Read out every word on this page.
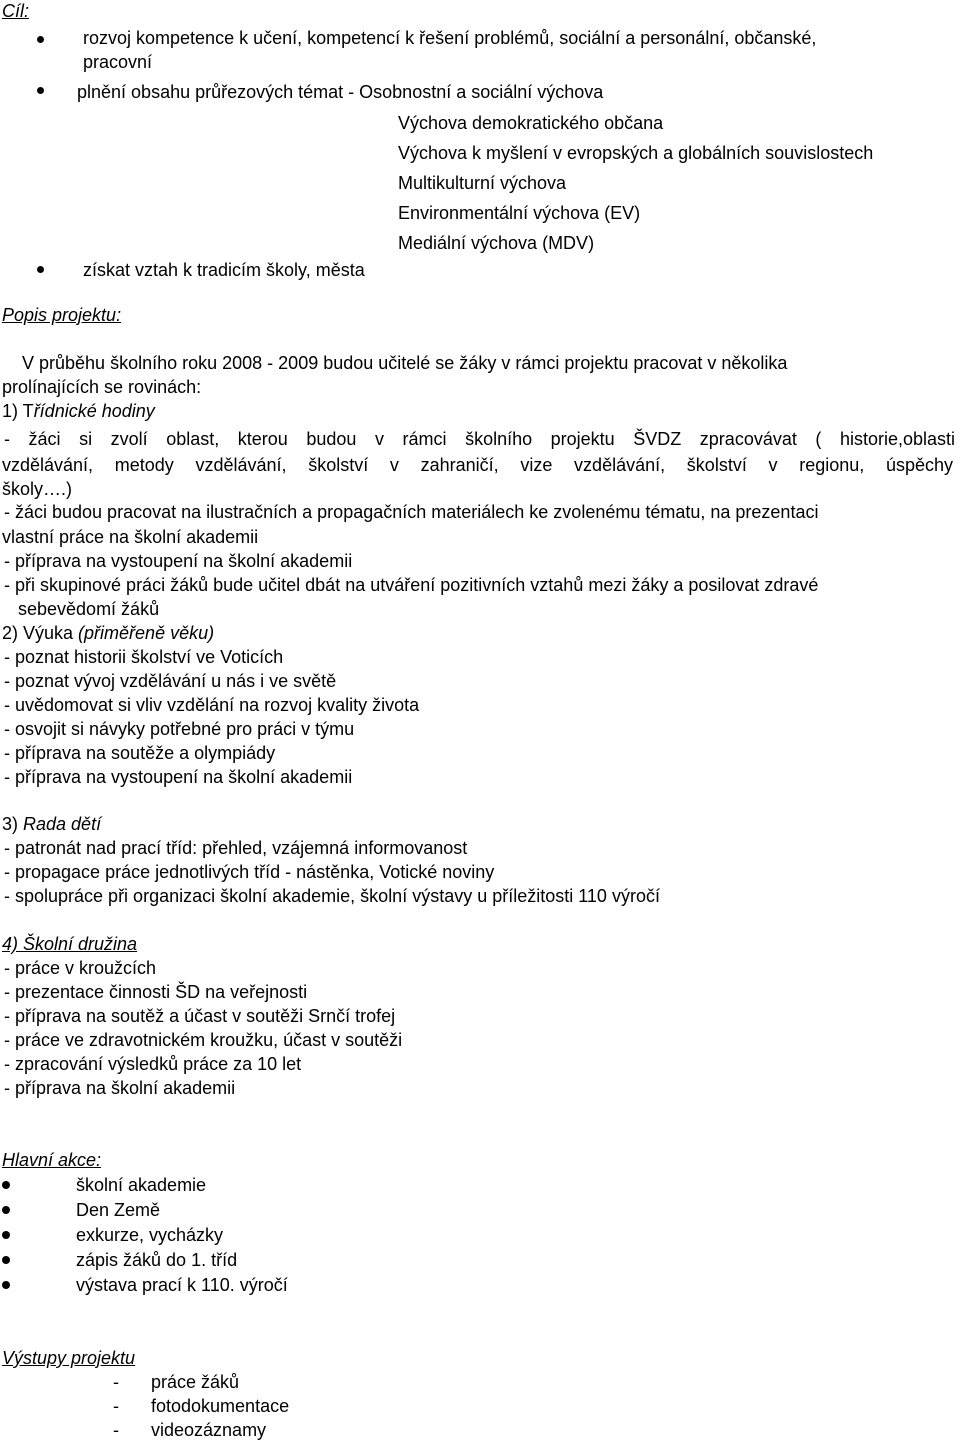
Cíl:
rozvoj kompetence k učení, kompetencí k řešení problémů, sociální a personální, občanské,
pracovní
plnění obsahu průřezových témat - Osobnostní a sociální výchova
Výchova demokratického občana
Výchova k myšlení v evropských a globálních souvislostech
Multikulturní výchova
Environmentální výchova (EV)
Mediální výchova (MDV)
získat vztah k tradicím školy, města
Popis projektu:
V průběhu školního roku 2008 - 2009 budou učitelé se žáky v rámci projektu pracovat v několika
prolínajících se rovinách:
1) Třídnické hodiny
- žáci si zvolí oblast, kterou budou v rámci školního projektu ŠVDZ zpracovávat ( historie,oblasti
vzdělávání, metody vzdělávání, školství v zahraničí, vize vzdělávání, školství v regionu, úspěchy
školy….)
- žáci budou pracovat na ilustračních a propagačních materiálech ke zvolenému tématu, na prezentaci
vlastní práce na školní akademii
- příprava na vystoupení na školní akademii
- při skupinové práci žáků bude učitel dbát na utváření pozitivních vztahů mezi žáky a posilovat zdravé
sebevědomí žáků
2) Výuka (přiměřeně věku)
- poznat historii školství ve Voticích
- poznat vývoj vzdělávání u nás i ve světě
- uvědomovat si vliv vzdělání na rozvoj kvality života
- osvojit si návyky potřebné pro práci v týmu
- příprava na soutěže a olympiády
- příprava na vystoupení na školní akademii
3) Rada dětí
- patronát nad prací tříd: přehled, vzájemná informovanost
- propagace práce jednotlivých tříd - nástěnka, Votické noviny
- spolupráce při organizaci školní akademie, školní výstavy u příležitosti 110 výročí
4) Školní družina
- práce v kroužcích
- prezentace činnosti ŠD na veřejnosti
- příprava na soutěž a účast v soutěži Srnčí trofej
- práce ve zdravotnickém kroužku, účast v soutěži
- zpracování výsledků práce za 10 let
- příprava na školní akademii
Hlavní akce:
školní akademie
Den Země
exkurze, vycházky
zápis žáků do 1. tříd
výstava prací k 110. výročí
Výstupy projektu
- práce žáků
- fotodokumentace
- videozáznamy
